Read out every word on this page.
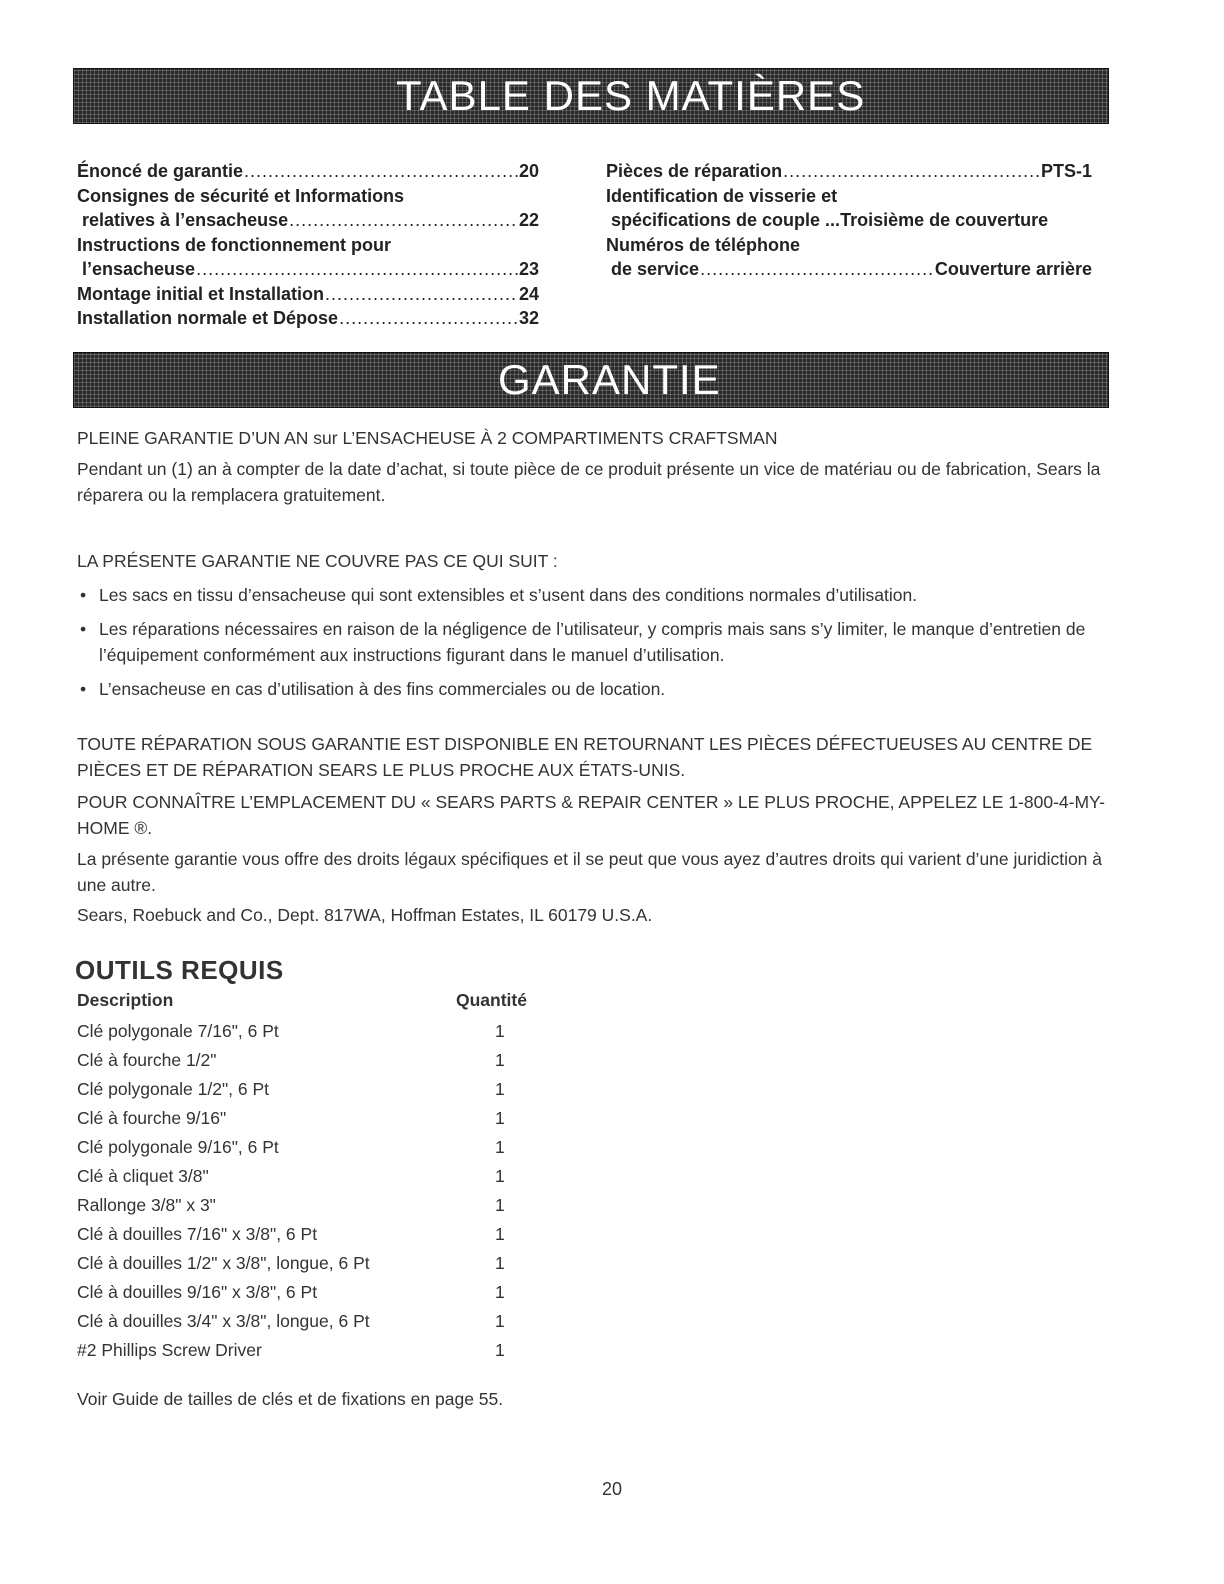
TABLE DES MATIÈRES
Énoncé de garantie .....	20
Consignes de sécurité et Informations
relatives à l’ensacheuse .....	22
Instructions de fonctionnement pour
l’ensacheuse .....	23
Montage initial et Installation .....	24
Installation normale et Dépose .....	32
Pièces de réparation .....	PTS-1
Identification de visserie et
spécifications de couple ... Troisième de couverture
Numéros de téléphone
de service .....	Couverture arrière
GARANTIE
PLEINE GARANTIE D’UN AN sur L’ENSACHEUSE À 2 COMPARTIMENTS CRAFTSMAN
Pendant un (1) an à compter de la date d’achat, si toute pièce de ce produit présente un vice de matériau ou de fabrication, Sears la réparera ou la remplacera gratuitement.
LA PRÉSENTE GARANTIE NE COUVRE PAS CE QUI SUIT :
• Les sacs en tissu d’ensacheuse qui sont extensibles et s’usent dans des conditions normales d’utilisation.
• Les réparations nécessaires en raison de la négligence de l’utilisateur, y compris mais sans s’y limiter, le manque d’entretien de l’équipement conformément aux instructions figurant dans le manuel d’utilisation.
• L’ensacheuse en cas d’utilisation à des fins commerciales ou de location.
TOUTE RÉPARATION SOUS GARANTIE EST DISPONIBLE EN RETOURNANT LES PIÈCES DÉFECTUEUSES AU CENTRE DE PIÈCES ET DE RÉPARATION SEARS LE PLUS PROCHE AUX ÉTATS-UNIS.
POUR CONNAÎTRE L’EMPLACEMENT DU « SEARS PARTS & REPAIR CENTER » LE PLUS PROCHE, APPELEZ LE 1-800-4-MY-HOME ®.
La présente garantie vous offre des droits légaux spécifiques et il se peut que vous ayez d’autres droits qui varient d’une juridiction à une autre.
Sears, Roebuck and Co., Dept. 817WA, Hoffman Estates, IL 60179 U.S.A.
OUTILS REQUIS
Description	Quantité
Clé polygonale 7/16", 6 Pt	1
Clé à fourche 1/2"	1
Clé polygonale 1/2", 6 Pt	1
Clé à fourche 9/16"	1
Clé polygonale 9/16", 6 Pt	1
Clé à cliquet 3/8"	1
Rallonge 3/8" x 3"	1
Clé à douilles 7/16" x 3/8", 6 Pt	1
Clé à douilles 1/2" x 3/8", longue, 6 Pt	1
Clé à douilles 9/16" x 3/8", 6 Pt	1
Clé à douilles 3/4" x 3/8", longue, 6 Pt	1
#2 Phillips Screw Driver	1
Voir Guide de tailles de clés et de fixations en page 55.
20
